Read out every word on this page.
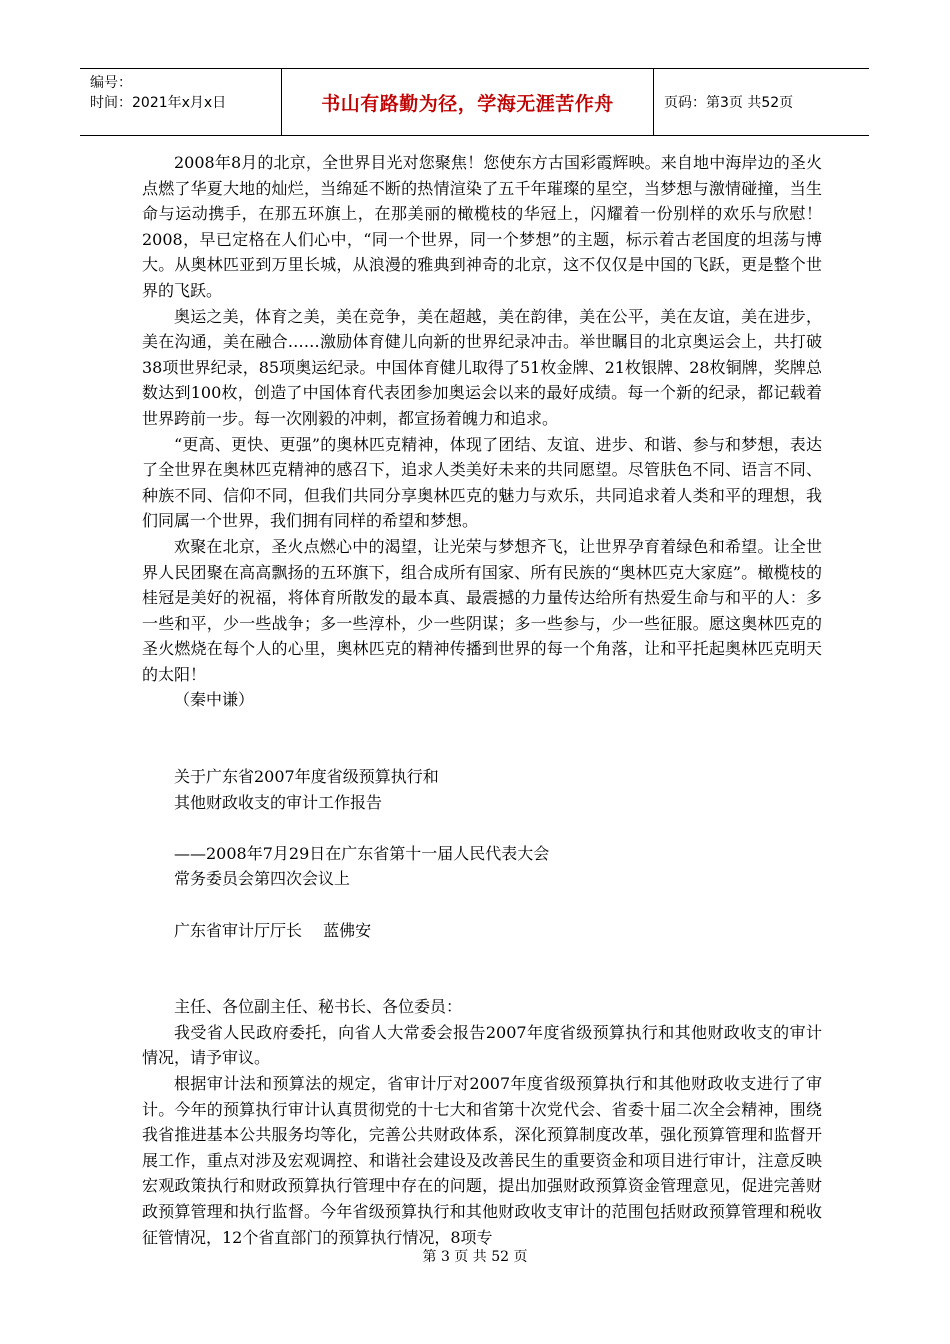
编号：
时间：2021年x月x日	书山有路勤为径，学海无涯苦作舟	页码：第3页 共52页

2008年8月的北京，全世界目光对您聚焦！您使东方古国彩霞辉映。来自地中海岸边的圣火点燃了华夏大地的灿烂，当绵延不断的热情渲染了五千年璀璨的星空，当梦想与激情碰撞，当生命与运动携手，在那五环旗上，在那美丽的橄榄枝的华冠上，闪耀着一份别样的欢乐与欣慰！ 2008，早已定格在人们心中，“同一个世界，同一个梦想”的主题，标示着古老国度的坦荡与博大。从奥林匹亚到万里长城，从浪漫的雅典到神奇的北京，这不仅仅是中国的飞跃，更是整个世界的飞跃。

奥运之美，体育之美，美在竞争，美在超越，美在韵律，美在公平，美在友谊，美在进步，美在沟通，美在融合……激励体育健儿向新的世界纪录冲击。举世瞩目的北京奥运会上，共打破38项世界纪录，85项奥运纪录。中国体育健儿取得了51枚金牌、21枚银牌、28枚铜牌，奖牌总数达到100枚，创造了中国体育代表团参加奥运会以来的最好成绩。每一个新的纪录，都记载着世界跨前一步。每一次刚毅的冲刺，都宣扬着魄力和追求。

“更高、更快、更强”的奥林匹克精神，体现了团结、友谊、进步、和谐、参与和梦想，表达了全世界在奥林匹克精神的感召下，追求人类美好未来的共同愿望。尽管肤色不同、语言不同、种族不同、信仰不同，但我们共同分享奥林匹克的魅力与欢乐，共同追求着人类和平的理想，我们同属一个世界，我们拥有同样的希望和梦想。

欢聚在北京，圣火点燃心中的渴望，让光荣与梦想齐飞，让世界孕育着绿色和希望。让全世界人民团聚在高高飘扬的五环旗下，组合成所有国家、所有民族的“奥林匹克大家庭”。橄榄枝的桂冠是美好的祝福，将体育所散发的最本真、最震撼的力量传达给所有热爱生命与和平的人：多一些和平，少一些战争；多一些淳朴，少一些阴谋；多一些参与，少一些征服。愿这奥林匹克的圣火燃烧在每个人的心里，奥林匹克的精神传播到世界的每一个角落，让和平托起奥林匹克明天的太阳！

（秦中谦）

关于广东省2007年度省级预算执行和

其他财政收支的审计工作报告

——2008年7月29日在广东省第十一届人民代表大会

常务委员会第四次会议上

广东省审计厅厅长　 蓝佛安

主任、各位副主任、秘书长、各位委员：

我受省人民政府委托，向省人大常委会报告2007年度省级预算执行和其他财政收支的审计情况，请予审议。

根据审计法和预算法的规定，省审计厅对2007年度省级预算执行和其他财政收支进行了审计。今年的预算执行审计认真贯彻党的十七大和省第十次党代会、省委十届二次全会精神，围绕我省推进基本公共服务均等化，完善公共财政体系，深化预算制度改革，强化预算管理和监督开展工作，重点对涉及宏观调控、和谐社会建设及改善民生的重要资金和项目进行审计，注意反映宏观政策执行和财政预算执行管理中存在的问题，提出加强财政预算资金管理意见，促进完善财政预算管理和执行监督。今年省级预算执行和其他财政收支审计的范围包括财政预算管理和税收征管情况，12个省直部门的预算执行情况，8项专

第 3 页 共 52 页
